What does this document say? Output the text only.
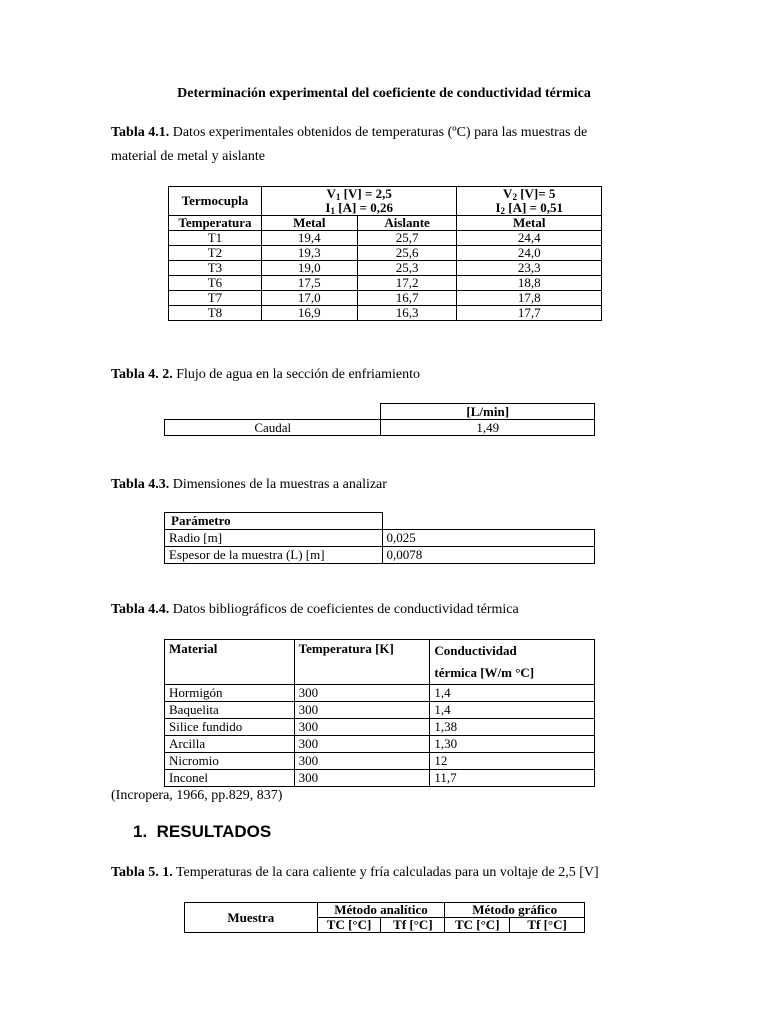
Determinación experimental del coeficiente de conductividad térmica
Tabla 4.1. Datos experimentales obtenidos de temperaturas (ºC) para las muestras de
material de metal y aislante
Termocupla	$V_1$ [V] = 2,5		$V_2$ [V]= 5
	$I_1$ [A] = 0,26		$I_2$ [A] = 0,51
Temperatura	Metal	Aislante	Metal
T1	19,4	25,7	24,4
T2	19,3	25,6	24,0
T3	19,0	25,3	23,3
T6	17,5	17,2	18,8
T7	17,0	16,7	17,8
T8	16,9	16,3	17,7
Tabla 4. 2. Flujo de agua en la sección de enfriamiento
	[L/min]
Caudal	1,49
Tabla 4.3. Dimensiones de la muestras a analizar
Parámetro	
Radio [m]	0,025
Espesor de la muestra (L) [m]	0,0078
Tabla 4.4. Datos bibliográficos de coeficientes de conductividad térmica
Material	Temperatura [K]	Conductividad
térmica [W/m °C]
Hormigón	300	1,4
Baquelita	300	1,4
Silice fundido	300	1,38
Arcilla	300	1,30
Nicromio	300	12
Inconel	300	11,7
(Incropera, 1966, pp.829, 837)
1. RESULTADOS
Tabla 5. 1. Temperaturas de la cara caliente y fría calculadas para un voltaje de 2,5 [V]
Muestra	Método analítico		Método gráfico	
	TC [°C]	Tf [°C]	TC [°C]	Tf [°C]
